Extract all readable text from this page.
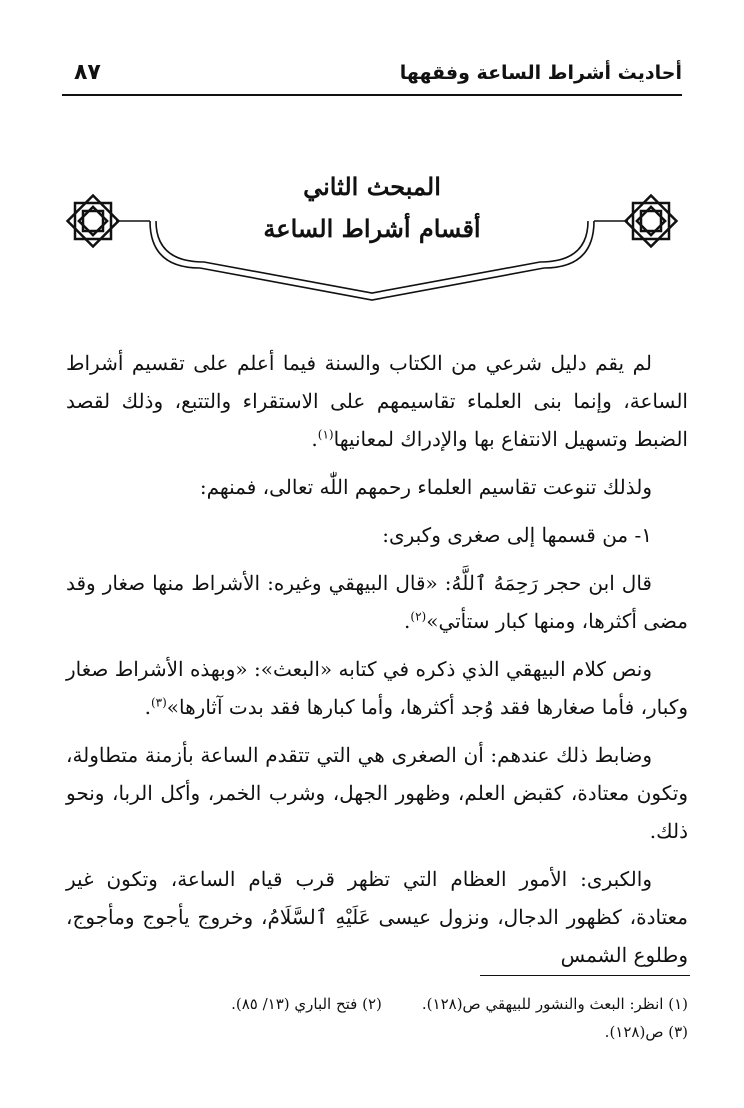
أحاديث أشراط الساعة وفقهها
٨٧
المبحث الثاني
أقسام أشراط الساعة

لم يقم دليل شرعي من الكتاب والسنة فيما أعلم على تقسيم أشراط الساعة، وإنما بنى العلماء تقاسيمهم على الاستقراء والتتبع، وذلك لقصد الضبط وتسهيل الانتفاع بها والإدراك لمعانيها$^{(١)}$.

ولذلك تنوعت تقاسيم العلماء رحمهم اللّٰه تعالى، فمنهم:

١- من قسمها إلى صغرى وكبرى:

قال ابن حجر رَحِمَهُ ٱللَّهُ: «قال البيهقي وغيره: الأشراط منها صغار وقد مضى أكثرها، ومنها كبار ستأتي»$^{(٢)}$.

ونص كلام البيهقي الذي ذكره في كتابه «البعث»: «وبهذه الأشراط صغار وكبار، فأما صغارها فقد وُجد أكثرها، وأما كبارها فقد بدت آثارها»$^{(٣)}$.

وضابط ذلك عندهم: أن الصغرى هي التي تتقدم الساعة بأزمنة متطاولة، وتكون معتادة، كقبض العلم، وظهور الجهل، وشرب الخمر، وأكل الربا، ونحو ذلك.

والكبرى: الأمور العظام التي تظهر قرب قيام الساعة، وتكون غير معتادة، كظهور الدجال، ونزول عيسى عَلَيْهِ ٱلسَّلَامُ، وخروج يأجوج ومأجوج، وطلوع الشمس

(١) انظر: البعث والنشور للبيهقي ص(١٢٨).
(٢) فتح الباري (١٣/ ٨٥).
(٣) ص(١٢٨).
